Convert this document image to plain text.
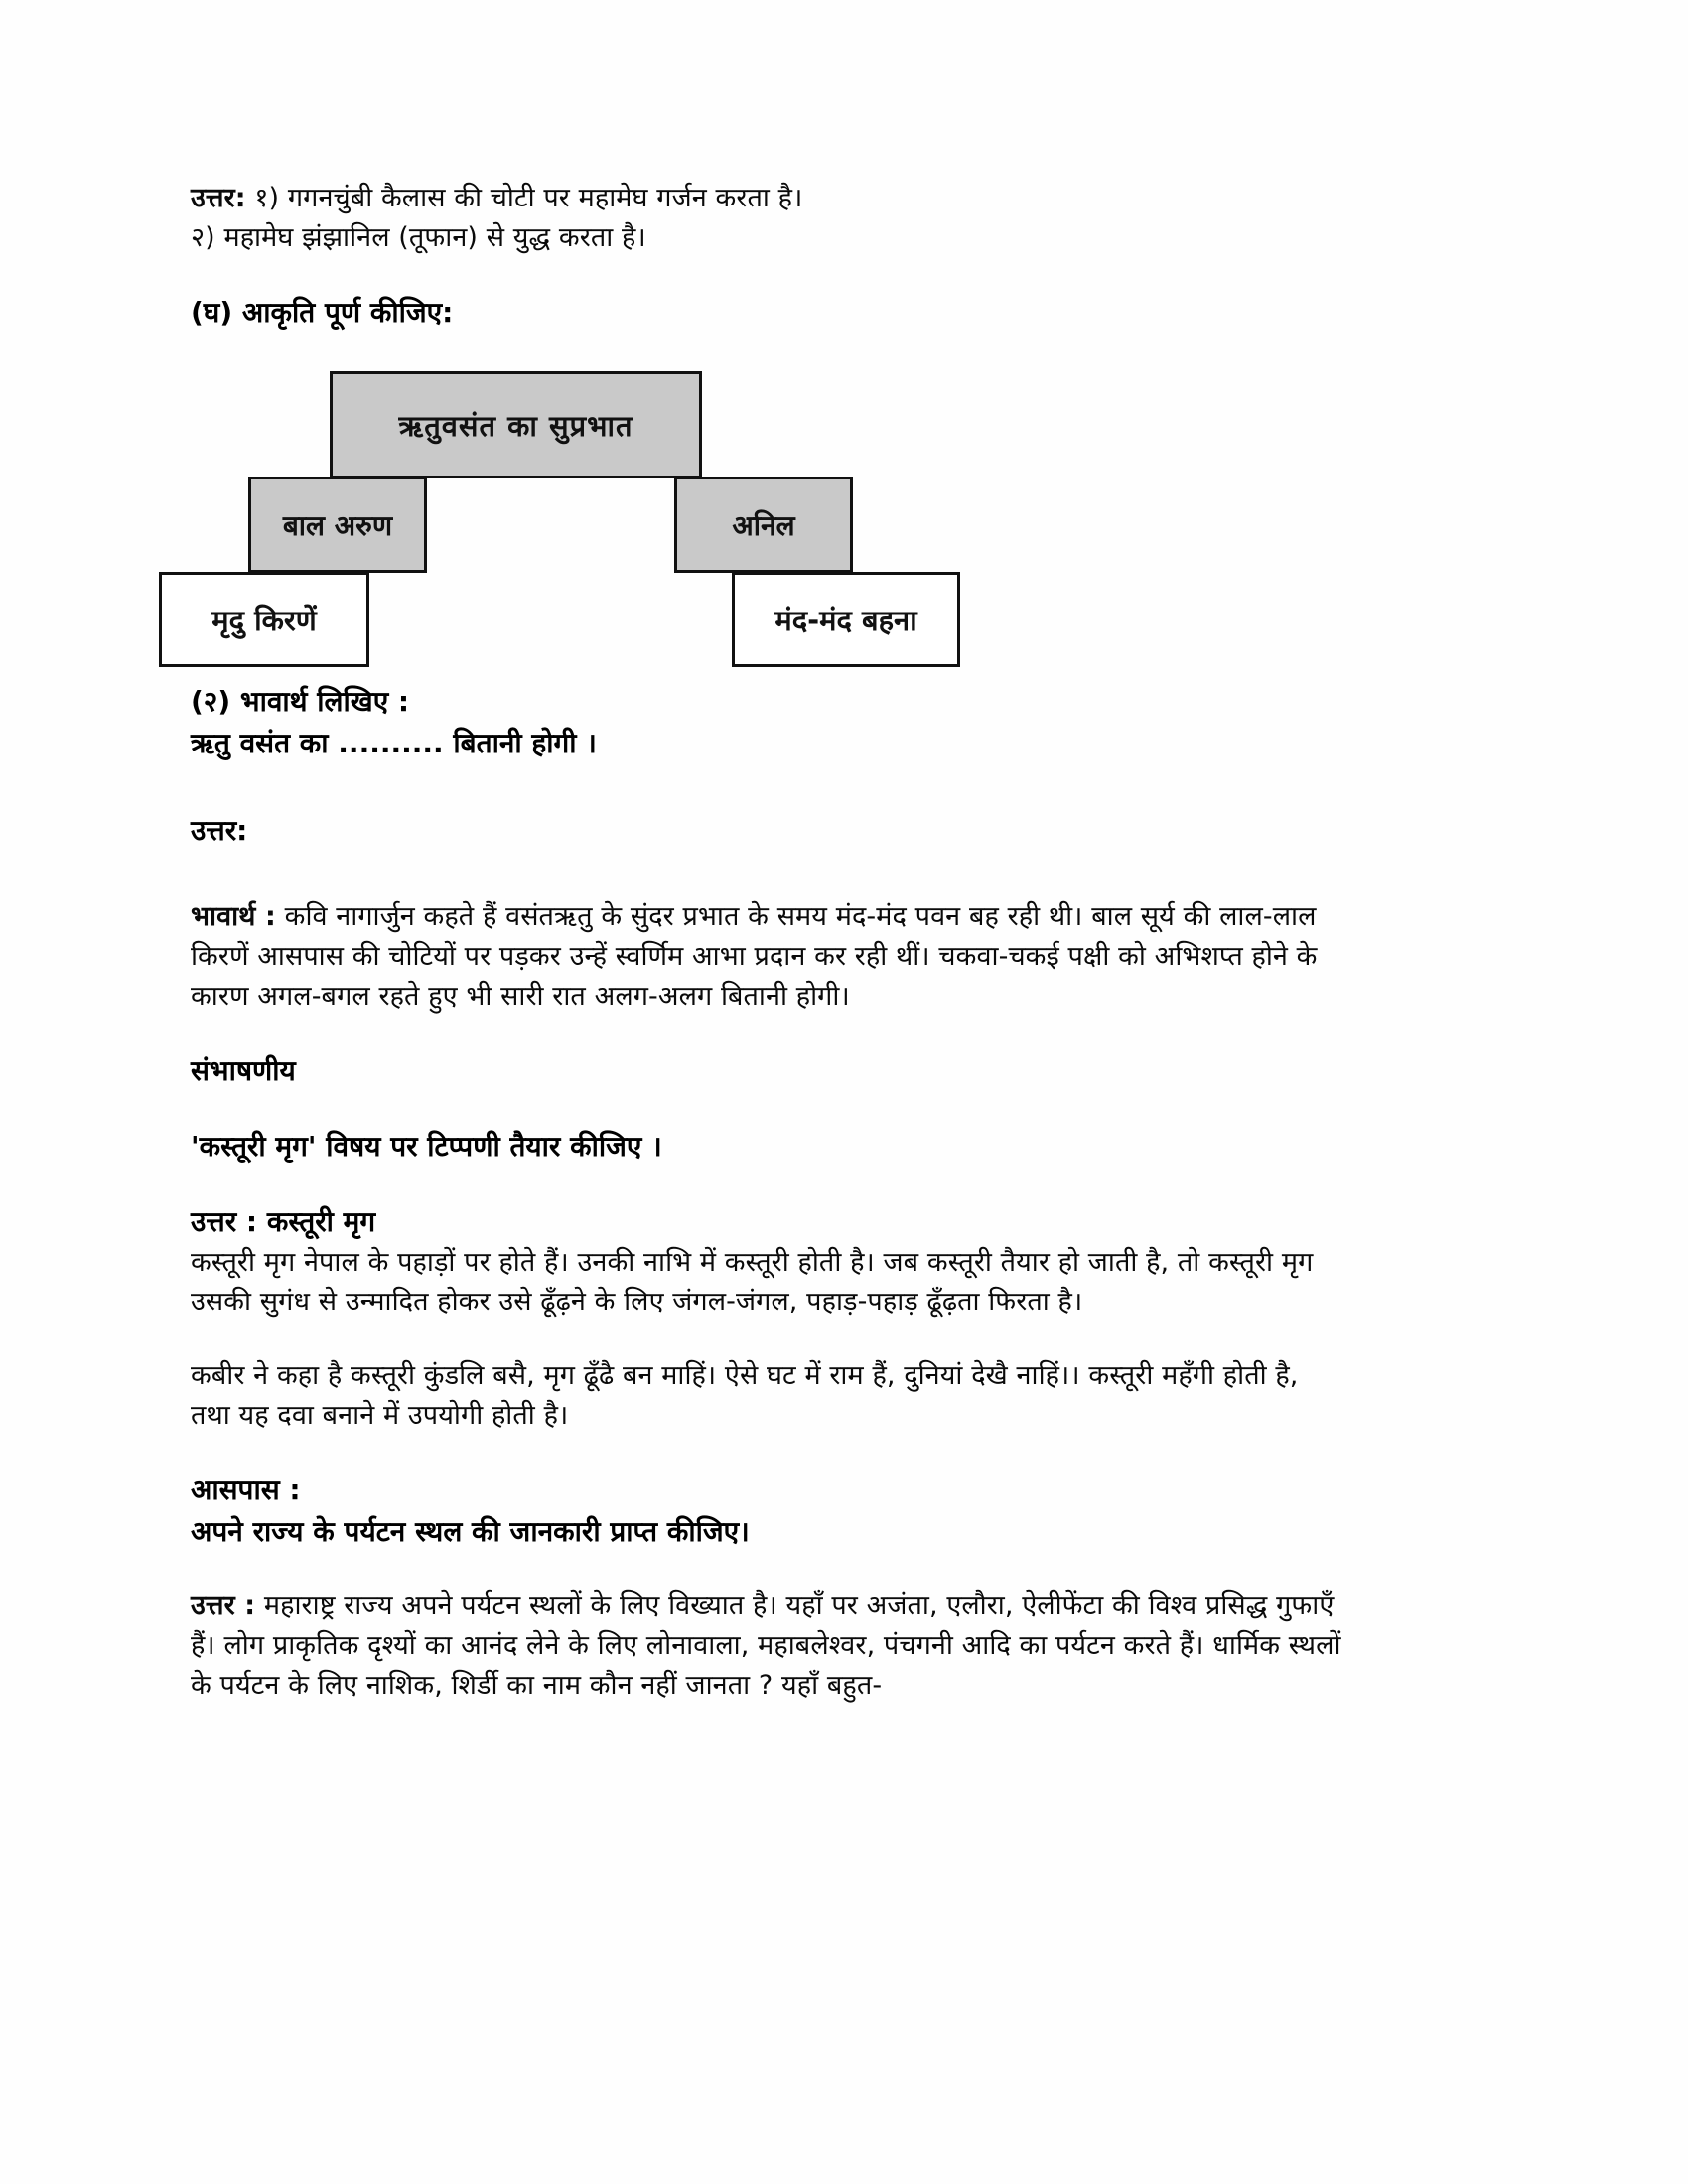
उत्तर: १) गगनचुंबी कैलास की चोटी पर महामेघ गर्जन करता है।
२) महामेघ झंझानिल (तूफान) से युद्ध करता है।
(घ) आकृति पूर्ण कीजिए:
ऋतुवसंत का सुप्रभात
बाल अरुण	अनिल
मृदु किरणें	मंद-मंद बहना
(२) भावार्थ लिखिए :
ऋतु वसंत का .......... बितानी होगी ।
उत्तर:

भावार्थ : कवि नागार्जुन कहते हैं वसंतऋतु के सुंदर प्रभात के समय मंद-मंद पवन बह रही थी। बाल सूर्य की लाल-लाल किरणें आसपास की चोटियों पर पड़कर उन्हें स्वर्णिम आभा प्रदान कर रही थीं। चकवा-चकई पक्षी को अभिशप्त होने के कारण अगल-बगल रहते हुए भी सारी रात अलग-अलग बितानी होगी।

संभाषणीय
'कस्तूरी मृग' विषय पर टिप्पणी तैयार कीजिए ।
उत्तर : कस्तूरी मृग

कस्तूरी मृग नेपाल के पहाड़ों पर होते हैं। उनकी नाभि में कस्तूरी होती है। जब कस्तूरी तैयार हो जाती है, तो कस्तूरी मृग उसकी सुगंध से उन्मादित होकर उसे ढूँढ़ने के लिए जंगल-जंगल, पहाड़-पहाड़ ढूँढ़ता फिरता है।

कबीर ने कहा है कस्तूरी कुंडलि बसै, मृग ढूँढै बन माहिं। ऐसे घट में राम हैं, दुनियां देखै नाहिं।। कस्तूरी महँगी होती है, तथा यह दवा बनाने में उपयोगी होती है।

आसपास :
अपने राज्य के पर्यटन स्थल की जानकारी प्राप्त कीजिए।

उत्तर : महाराष्ट्र राज्य अपने पर्यटन स्थलों के लिए विख्यात है। यहाँ पर अजंता, एलौरा, ऐलीफेंटा की विश्व प्रसिद्ध गुफाएँ हैं। लोग प्राकृतिक दृश्यों का आनंद लेने के लिए लोनावाला, महाबलेश्वर, पंचगनी आदि का पर्यटन करते हैं। धार्मिक स्थलों के पर्यटन के लिए नाशिक, शिर्डी का नाम कौन नहीं जानता ? यहाँ बहुत-
